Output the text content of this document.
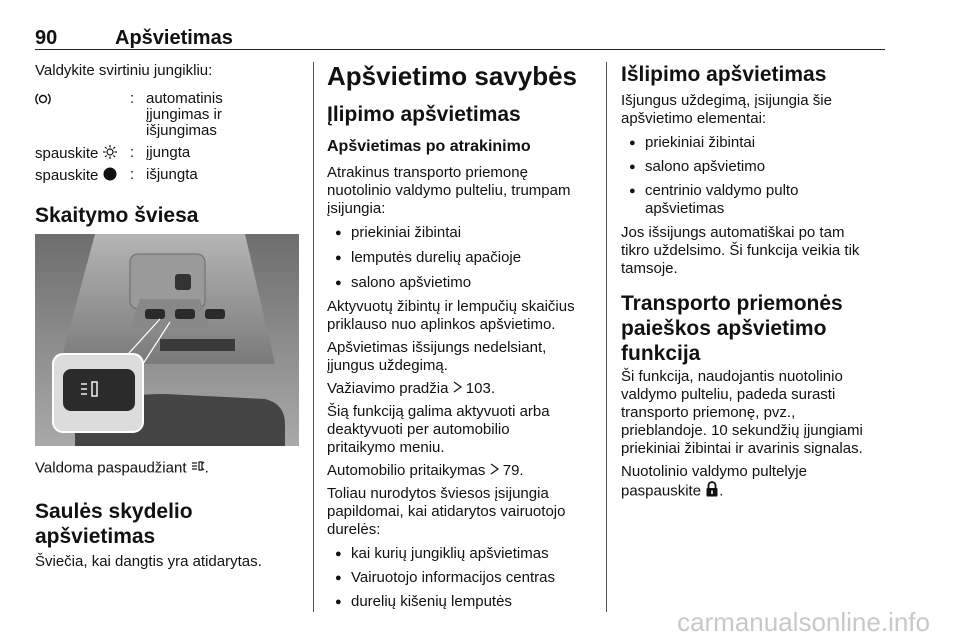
90	Apšvietimas

Valdykite svirtiniu jungikliu:

: automatinis
įjungimas ir
išjungimas
spauskite	: įjungta
spauskite	: išjungta

Skaitymo šviesa

Valdoma paspaudžiant .

Saulės skydelio

apšvietimas

Šviečia, kai dangtis yra atidarytas.

Apšvietimo savybės

Įlipimo apšvietimas

Apšvietimas po atrakinimo

Atrakinus transporto priemonę
nuotolinio valdymo pulteliu, trumpam
įsijungia:

● priekiniai žibintai

● lemputės durelių apačioje

● salono apšvietimo

Aktyvuotų žibintų ir lempučių skaičius
priklauso nuo aplinkos apšvietimo.

Apšvietimas išsijungs nedelsiant,
įjungus uždegimą.

Važiavimo pradžia 103.

Šią funkciją galima aktyvuoti arba
deaktyvuoti per automobilio
pritaikymo meniu.

Automobilio pritaikymas 79.

Toliau nurodytos šviesos įsijungia
papildomai, kai atidarytos vairuotojo
durelės:

● kai kurių jungiklių apšvietimas

● Vairuotojo informacijos centras

● durelių kišenių lemputės

Išlipimo apšvietimas

Išjungus uždegimą, įsijungia šie
apšvietimo elementai:

● priekiniai žibintai

● salono apšvietimo

● centrinio valdymo pulto
apšvietimas

Jos išsijungs automatiškai po tam
tikro uždelsimo. Ši funkcija veikia tik
tamsoje.

Transporto priemonės
paieškos apšvietimo
funkcija

Ši funkcija, naudojantis nuotolinio
valdymo pulteliu, padeda surasti
transporto priemonę, pvz.,
prieblandoje. 10 sekundžių įjungiami
priekiniai žibintai ir avarinis signalas.

Nuotolinio valdymo pultelyje
paspauskite .

carmanualsonline.info
